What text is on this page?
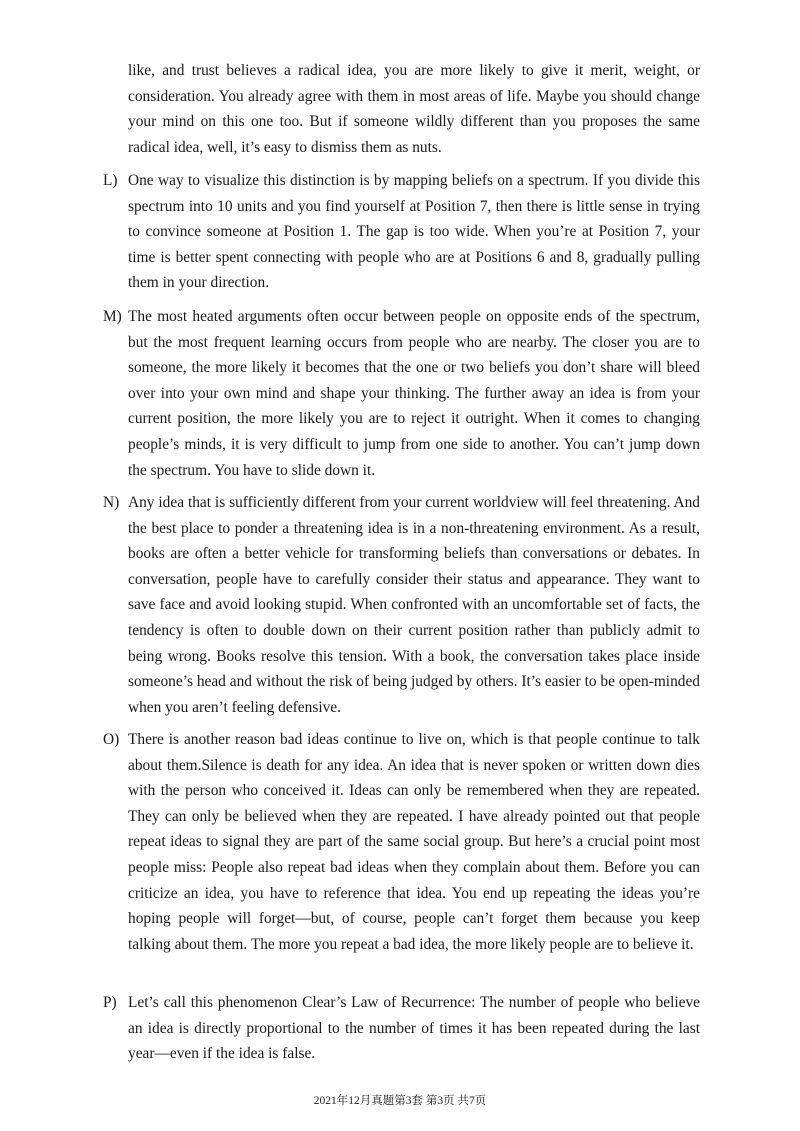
like, and trust believes a radical idea, you are more likely to give it merit, weight, or consideration. You already agree with them in most areas of life. Maybe you should change your mind on this one too. But if someone wildly different than you proposes the same radical idea, well, it’s easy to dismiss them as nuts.

L) One way to visualize this distinction is by mapping beliefs on a spectrum. If you divide this spectrum into 10 units and you find yourself at Position 7, then there is little sense in trying to convince someone at Position 1. The gap is too wide. When you’re at Position 7, your time is better spent connecting with people who are at Positions 6 and 8, gradually pulling them in your direction.
M) The most heated arguments often occur between people on opposite ends of the spectrum, but the most frequent learning occurs from people who are nearby. The closer you are to someone, the more likely it becomes that the one or two beliefs you don’t share will bleed over into your own mind and shape your thinking. The further away an idea is from your current position, the more likely you are to reject it outright. When it comes to changing people’s minds, it is very difficult to jump from one side to another. You can’t jump down the spectrum. You have to slide down it.
N) Any idea that is sufficiently different from your current worldview will feel threatening. And the best place to ponder a threatening idea is in a non-threatening environment. As a result, books are often a better vehicle for transforming beliefs than conversations or debates. In conversation, people have to carefully consider their status and appearance. They want to save face and avoid looking stupid. When confronted with an uncomfortable set of facts, the tendency is often to double down on their current position rather than publicly admit to being wrong. Books resolve this tension. With a book, the conversation takes place inside someone’s head and without the risk of being judged by others. It’s easier to be open-minded when you aren’t feeling defensive.
O) There is another reason bad ideas continue to live on, which is that people continue to talk about them.Silence is death for any idea. An idea that is never spoken or written down dies with the person who conceived it. Ideas can only be remembered when they are repeated. They can only be believed when they are repeated. I have already pointed out that people repeat ideas to signal they are part of the same social group. But here’s a crucial point most people miss: People also repeat bad ideas when they complain about them. Before you can criticize an idea, you have to reference that idea. You end up repeating the ideas you’re hoping people will forget—but, of course, people can’t forget them because you keep talking about them. The more you repeat a bad idea, the more likely people are to believe it.
P) Let’s call this phenomenon Clear’s Law of Recurrence: The number of people who believe an idea is directly proportional to the number of times it has been repeated during the last year—even if the idea is false.
2021年12月真题第3套 第3页 共7页
